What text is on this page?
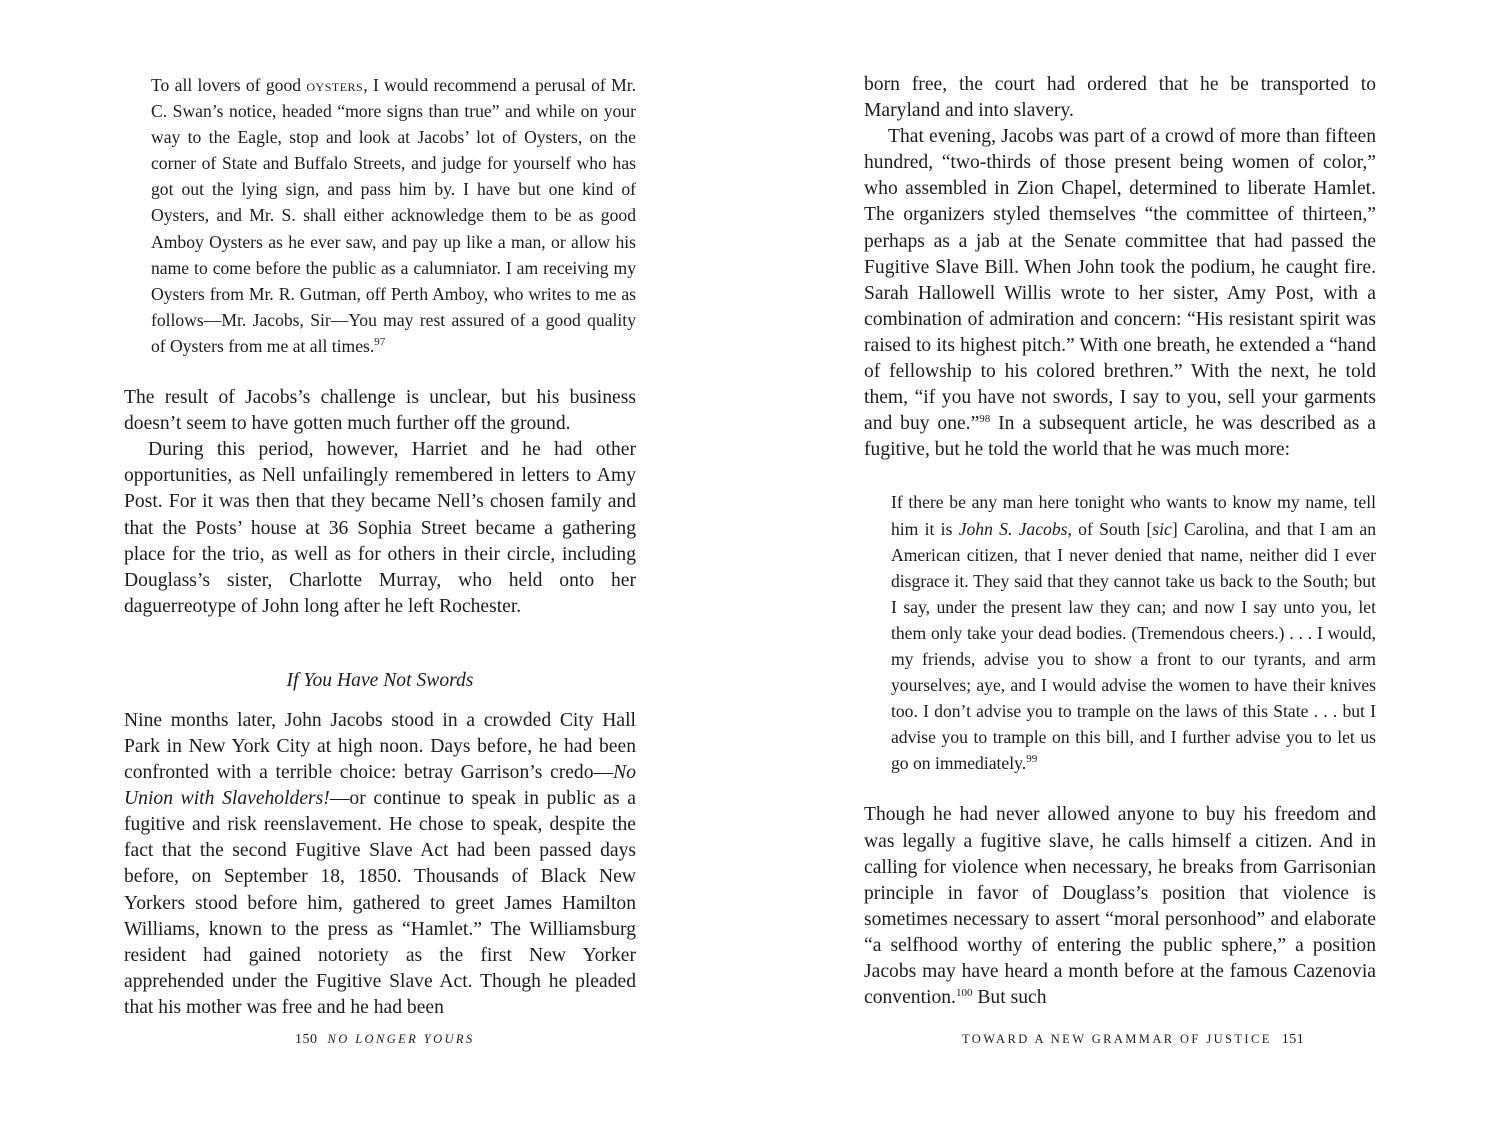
To all lovers of good oysters, I would recommend a perusal of Mr. C. Swan’s notice, headed “more signs than true” and while on your way to the Eagle, stop and look at Jacobs’ lot of Oysters, on the corner of State and Buffalo Streets, and judge for yourself who has got out the lying sign, and pass him by. I have but one kind of Oysters, and Mr. S. shall either acknowledge them to be as good Amboy Oysters as he ever saw, and pay up like a man, or allow his name to come before the public as a calumniator. I am receiving my Oysters from Mr. R. Gutman, off Perth Amboy, who writes to me as follows—Mr. Jacobs, Sir—You may rest assured of a good quality of Oysters from me at all times.$^{97}$

The result of Jacobs’s challenge is unclear, but his business doesn’t seem to have gotten much further off the ground.

During this period, however, Harriet and he had other opportunities, as Nell unfailingly remembered in letters to Amy Post. For it was then that they became Nell’s chosen family and that the Posts’ house at 36 Sophia Street became a gathering place for the trio, as well as for others in their circle, including Douglass’s sister, Charlotte Murray, who held onto her daguerreotype of John long after he left Rochester.

If You Have Not Swords

Nine months later, John Jacobs stood in a crowded City Hall Park in New York City at high noon. Days before, he had been confronted with a terrible choice: betray Garrison’s credo—No Union with Slaveholders!—or continue to speak in public as a fugitive and risk reenslavement. He chose to speak, despite the fact that the second Fugitive Slave Act had been passed days before, on September 18, 1850. Thousands of Black New Yorkers stood before him, gathered to greet James Hamilton Williams, known to the press as “Hamlet.” The Williamsburg resident had gained notoriety as the first New Yorker apprehended under the Fugitive Slave Act. Though he pleaded that his mother was free and he had been

150 NO LONGER YOURS

born free, the court had ordered that he be transported to Maryland and into slavery.

That evening, Jacobs was part of a crowd of more than fifteen hundred, “two-thirds of those present being women of color,” who assembled in Zion Chapel, determined to liberate Hamlet. The organizers styled themselves “the committee of thirteen,” perhaps as a jab at the Senate committee that had passed the Fugitive Slave Bill. When John took the podium, he caught fire. Sarah Hallowell Willis wrote to her sister, Amy Post, with a combination of admiration and concern: “His resistant spirit was raised to its highest pitch.” With one breath, he extended a “hand of fellowship to his colored brethren.” With the next, he told them, “if you have not swords, I say to you, sell your garments and buy one.”$^{98}$ In a subsequent article, he was described as a fugitive, but he told the world that he was much more:

If there be any man here tonight who wants to know my name, tell him it is John S. Jacobs, of South [sic] Carolina, and that I am an American citizen, that I never denied that name, neither did I ever disgrace it. They said that they cannot take us back to the South; but I say, under the present law they can; and now I say unto you, let them only take your dead bodies. (Tremendous cheers.) . . . I would, my friends, advise you to show a front to our tyrants, and arm yourselves; aye, and I would advise the women to have their knives too. I don’t advise you to trample on the laws of this State . . . but I advise you to trample on this bill, and I further advise you to let us go on immediately.$^{99}$

Though he had never allowed anyone to buy his freedom and was legally a fugitive slave, he calls himself a citizen. And in calling for violence when necessary, he breaks from Garrisonian principle in favor of Douglass’s position that violence is sometimes necessary to assert “moral personhood” and elaborate “a selfhood worthy of entering the public sphere,” a position Jacobs may have heard a month before at the famous Cazenovia convention.$^{100}$ But such

TOWARD A NEW GRAMMAR OF JUSTICE 151
